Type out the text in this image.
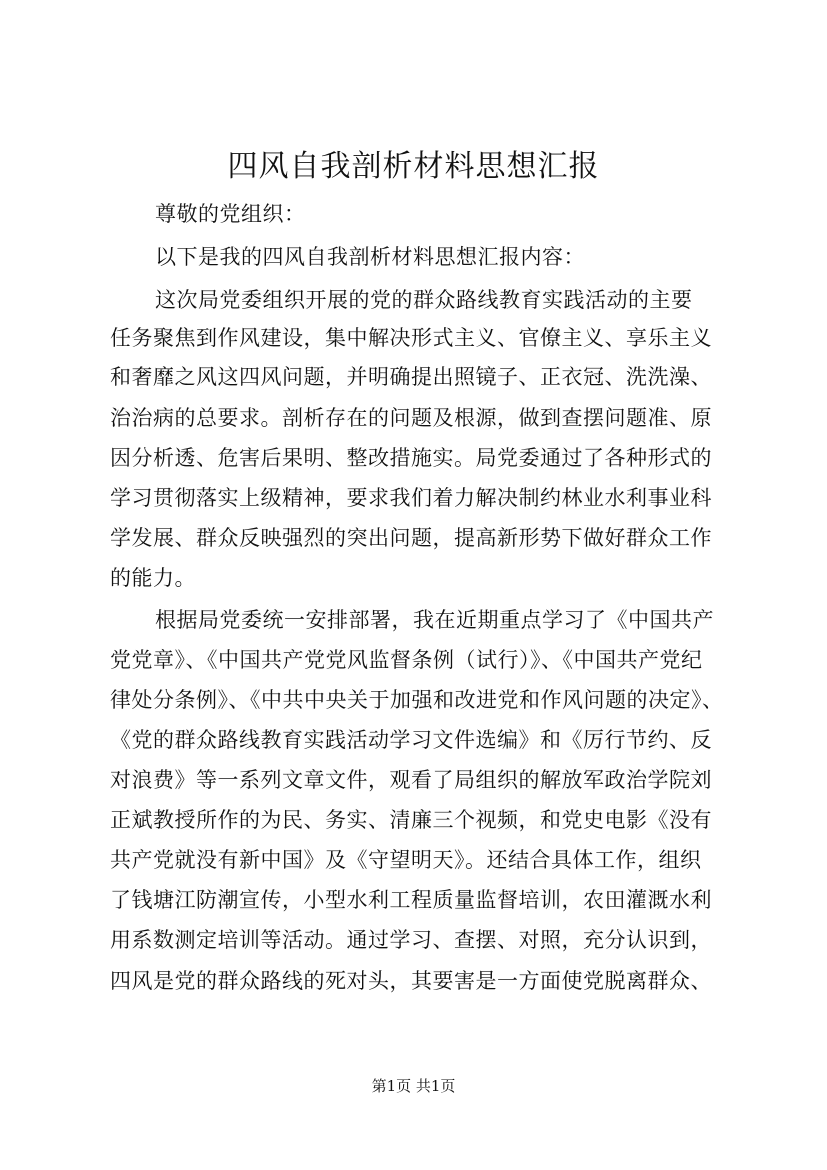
四风自我剖析材料思想汇报
尊敬的党组织：
以下是我的四风自我剖析材料思想汇报内容：
这次局党委组织开展的党的群众路线教育实践活动的主要
任务聚焦到作风建设，集中解决形式主义、官僚主义、享乐主义
和奢靡之风这四风问题，并明确提出照镜子、正衣冠、洗洗澡、
治治病的总要求。剖析存在的问题及根源，做到查摆问题准、原
因分析透、危害后果明、整改措施实。局党委通过了各种形式的
学习贯彻落实上级精神，要求我们着力解决制约林业水利事业科
学发展、群众反映强烈的突出问题，提高新形势下做好群众工作
的能力。
根据局党委统一安排部署，我在近期重点学习了《中国共产
党党章》、《中国共产党党风监督条例（试行）》、《中国共产党纪
律处分条例》、《中共中央关于加强和改进党和作风问题的决定》、
《党的群众路线教育实践活动学习文件选编》和《厉行节约、反
对浪费》等一系列文章文件，观看了局组织的解放军政治学院刘
正斌教授所作的为民、务实、清廉三个视频，和党史电影《没有
共产党就没有新中国》及《守望明天》。还结合具体工作，组织
了钱塘江防潮宣传，小型水利工程质量监督培训，农田灌溉水利
用系数测定培训等活动。通过学习、查摆、对照，充分认识到，
四风是党的群众路线的死对头，其要害是一方面使党脱离群众、
第1页 共1页
